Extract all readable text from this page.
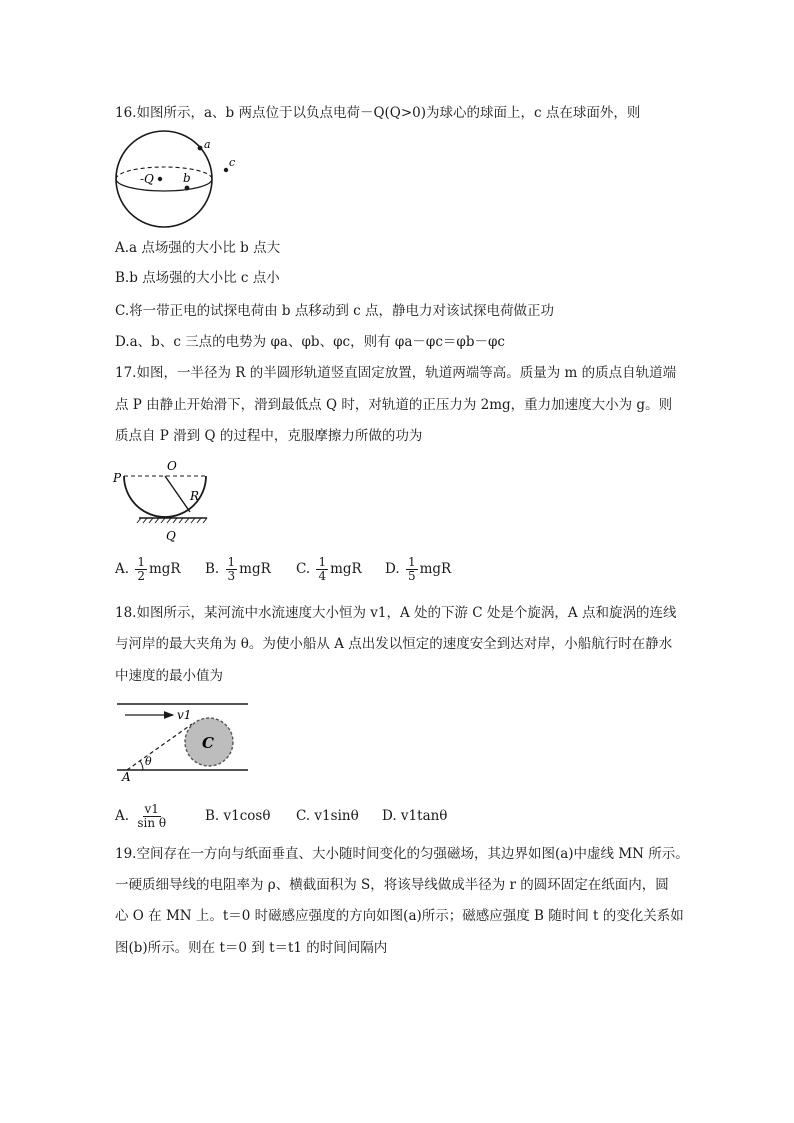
16.如图所示，a、b 两点位于以负点电荷－Q(Q>0)为球心的球面上，c 点在球面外，则
-Q b
a
c
A.a 点场强的大小比 b 点大
B.b 点场强的大小比 c 点小
C.将一带正电的试探电荷由 b 点移动到 c 点，静电力对该试探电荷做正功
D.a、b、c 三点的电势为 φa、φb、φc，则有 φa－φc＝φb－φc
17.如图，一半径为 R 的半圆形轨道竖直固定放置，轨道两端等高。质量为 m 的质点自轨道端
点 P 由静止开始滑下，滑到最低点 Q 时，对轨道的正压力为 2mg，重力加速度大小为 g。则
质点自 P 滑到 Q 的过程中，克服摩擦力所做的功为
P
O
R
Q
A. $\frac{1}{2}$ mgR B. $\frac{1}{3}$ mgR C. $\frac{1}{4}$ mgR D. $\frac{1}{5}$ mgR
18.如图所示，某河流中水流速度大小恒为 v1，A 处的下游 C 处是个旋涡，A 点和旋涡的连线
与河岸的最大夹角为 θ。为使小船从 A 点出发以恒定的速度安全到达对岸，小船航行时在静水
中速度的最小值为
v1
C
θ
A
A. $\frac{v1}{\text{sin θ}}$	B. v1cosθ C. v1sinθ D. v1tanθ
19.空间存在一方向与纸面垂直、大小随时间变化的匀强磁场，其边界如图(a)中虚线 MN 所示。
一硬质细导线的电阻率为 ρ、横截面积为 S，将该导线做成半径为 r 的圆环固定在纸面内，圆
心 O 在 MN 上。t＝0 时磁感应强度的方向如图(a)所示；磁感应强度 B 随时间 t 的变化关系如
图(b)所示。则在 t＝0 到 t＝t1 的时间间隔内
